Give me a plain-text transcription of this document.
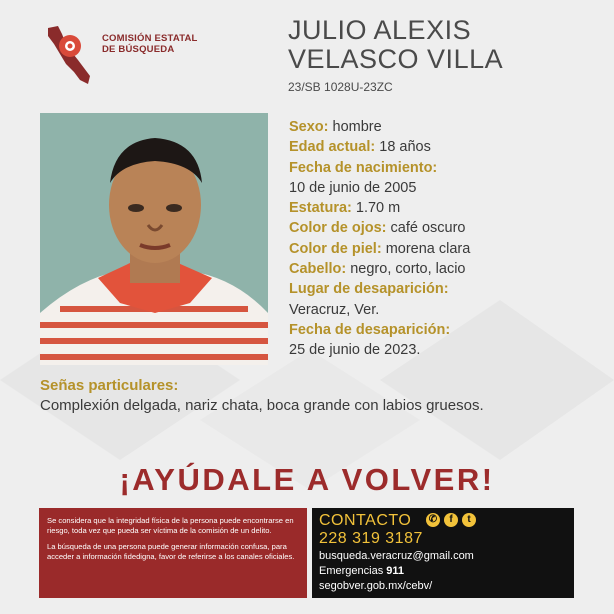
COMISIÓN ESTATAL
DE BÚSQUEDA
JULIO ALEXIS
VELASCO VILLA
23/SB 1028U-23ZC
Sexo: hombre
Edad actual: 18 años
Fecha de nacimiento:
10 de junio de 2005
Estatura: 1.70 m
Color de ojos: café oscuro
Color de piel: morena clara
Cabello: negro, corto, lacio
Lugar de desaparición:
Veracruz, Ver.
Fecha de desaparición:
25 de junio de 2023.
Señas particulares:
Complexión delgada, nariz chata, boca grande con labios gruesos.
¡AYÚDALE A VOLVER!

Se considera que la integridad física de la persona puede encontrarse en riesgo, toda vez que pueda ser víctima de la comisión de un delito.

La búsqueda de una persona puede generar información confusa, para acceder a información fidedigna, favor de referirse a los canales oficiales.

CONTACTO ✆	f	t
228 319 3187
busqueda.veracruz@gmail.com
Emergencias 911
segobver.gob.mx/cebv/
